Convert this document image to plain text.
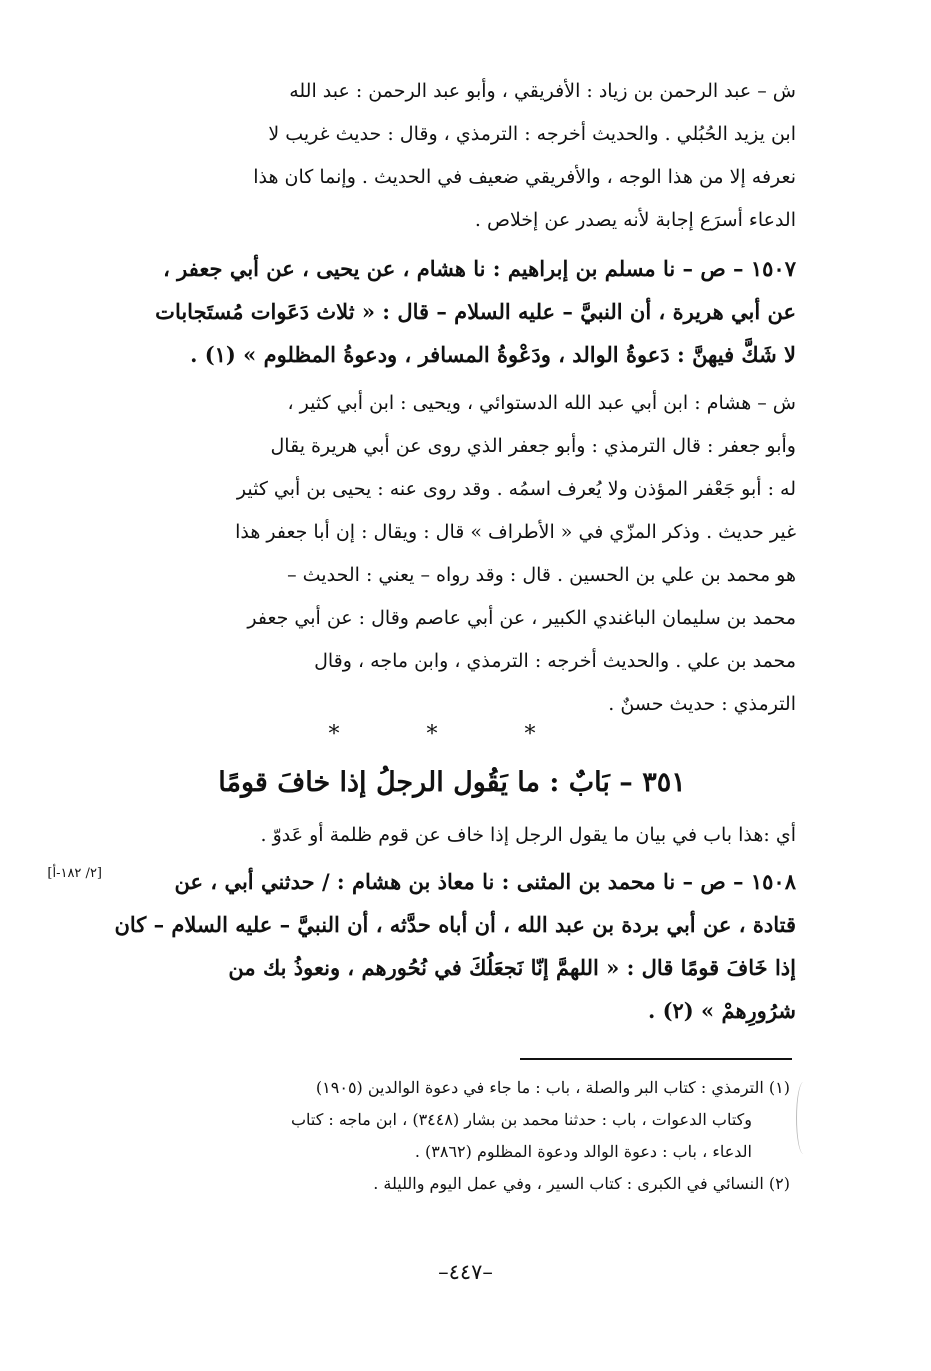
ش – عبد الرحمن بن زياد : الأفريقي ، وأبو عبد الرحمن : عبد الله
ابن يزيد الحُبُلي . والحديث أخرجه : الترمذي ، وقال : حديث غريب لا
نعرفه إلا من هذا الوجه ، والأفريقي ضعيف في الحديث . وإنما كان هذا
الدعاء أسرَع إجابة لأنه يصدر عن إخلاص .
١٥٠٧ – ص – نا مسلم بن إبراهيم : نا هشام ، عن يحيى ، عن أبي جعفر ،
عن أبي هريرة ، أن النبيَّ – عليه السلام – قال : « ثلاث دَعَوات مُستَجابات
لا شَكَّ فيهنَّ : دَعوةُ الوالد ، ودَعْوةُ المسافر ، ودعوةُ المظلوم » (١) .
ش – هشام : ابن أبي عبد الله الدستوائي ، ويحيى : ابن أبي كثير ،
وأبو جعفر : قال الترمذي : وأبو جعفر الذي روى عن أبي هريرة يقال
له : أبو جَعْفر المؤذن ولا يُعرف اسمُه . وقد روى عنه : يحيى بن أبي كثير
غير حديث . وذكر المزّي في « الأطراف » قال : ويقال : إن أبا جعفر هذا
هو محمد بن علي بن الحسين . قال : وقد رواه – يعني : الحديث –
محمد بن سليمان الباغندي الكبير ، عن أبي عاصم وقال : عن أبي جعفر
محمد بن علي . والحديث أخرجه : الترمذي ، وابن ماجه ، وقال
الترمذي : حديث حسنٌ .
* * *
٣٥١ – بَابٌ : ما يَقُول الرجلُ إذا خافَ قومًا
أي :هذا باب في بيان ما يقول الرجل إذا خاف عن قوم ظلمة أو عَدوّ .
[٢/ ١٨٢-أ]	١٥٠٨ – ص – نا محمد بن المثنى : نا معاذ بن هشام : / حدثني أبي ، عن
قتادة ، عن أبي بردة بن عبد الله ، أن أباه حدَّثه ، أن النبيَّ – عليه السلام – كان
إذا خَافَ قومًا قال : « اللهمَّ إنّا نَجعَلُكَ في نُحُورهم ، ونعوذُ بك من
شرُورِهمْ » (٢) .
(١) الترمذي : كتاب البر والصلة ، باب : ما جاء في دعوة الوالدين (١٩٠٥)
وكتاب الدعوات ، باب : حدثنا محمد بن بشار (٣٤٤٨) ، ابن ماجه : كتاب
الدعاء ، باب : دعوة الوالد ودعوة المظلوم (٣٨٦٢) .
(٢) النسائي في الكبرى : كتاب السير ، وفي عمل اليوم والليلة .
–٤٤٧–
